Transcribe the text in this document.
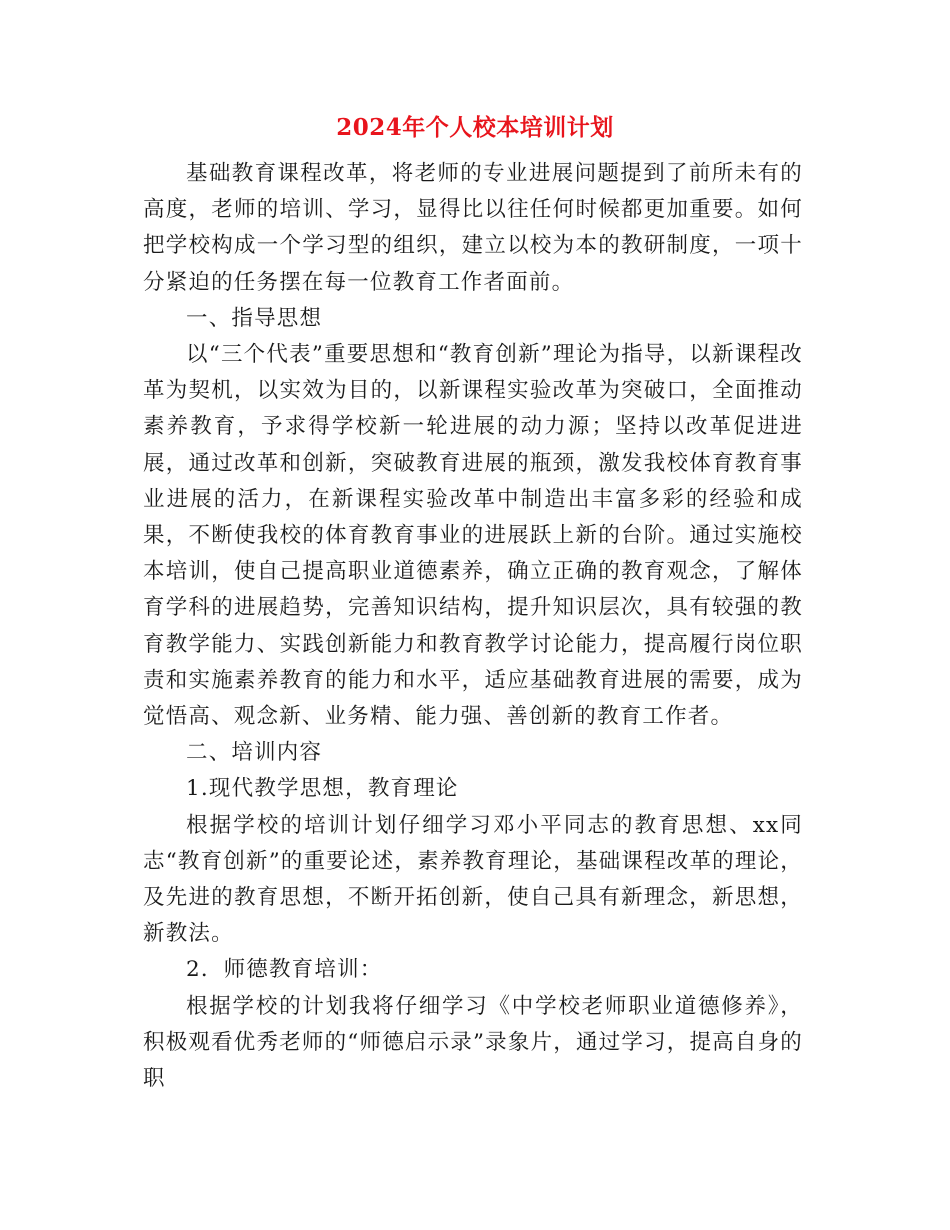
2024年个人校本培训计划

基础教育课程改革，将老师的专业进展问题提到了前所未有的高度，老师的培训、学习，显得比以往任何时候都更加重要。如何把学校构成一个学习型的组织，建立以校为本的教研制度，一项十分紧迫的任务摆在每一位教育工作者面前。

一、指导思想

以“三个代表”重要思想和“教育创新”理论为指导，以新课程改革为契机，以实效为目的，以新课程实验改革为突破口，全面推动素养教育，予求得学校新一轮进展的动力源；坚持以改革促进进展，通过改革和创新，突破教育进展的瓶颈，激发我校体育教育事业进展的活力，在新课程实验改革中制造出丰富多彩的经验和成果，不断使我校的体育教育事业的进展跃上新的台阶。通过实施校本培训，使自己提高职业道德素养，确立正确的教育观念，了解体育学科的进展趋势，完善知识结构，提升知识层次，具有较强的教育教学能力、实践创新能力和教育教学讨论能力，提高履行岗位职责和实施素养教育的能力和水平，适应基础教育进展的需要，成为觉悟高、观念新、业务精、能力强、善创新的教育工作者。

二、培训内容

1.现代教学思想，教育理论

根据学校的培训计划仔细学习邓小平同志的教育思想、xx同志“教育创新”的重要论述，素养教育理论，基础课程改革的理论，及先进的教育思想，不断开拓创新，使自己具有新理念，新思想，新教法。

2．师德教育培训：

根据学校的计划我将仔细学习《中学校老师职业道德修养》，积极观看优秀老师的“师德启示录”录象片，通过学习，提高自身的职
